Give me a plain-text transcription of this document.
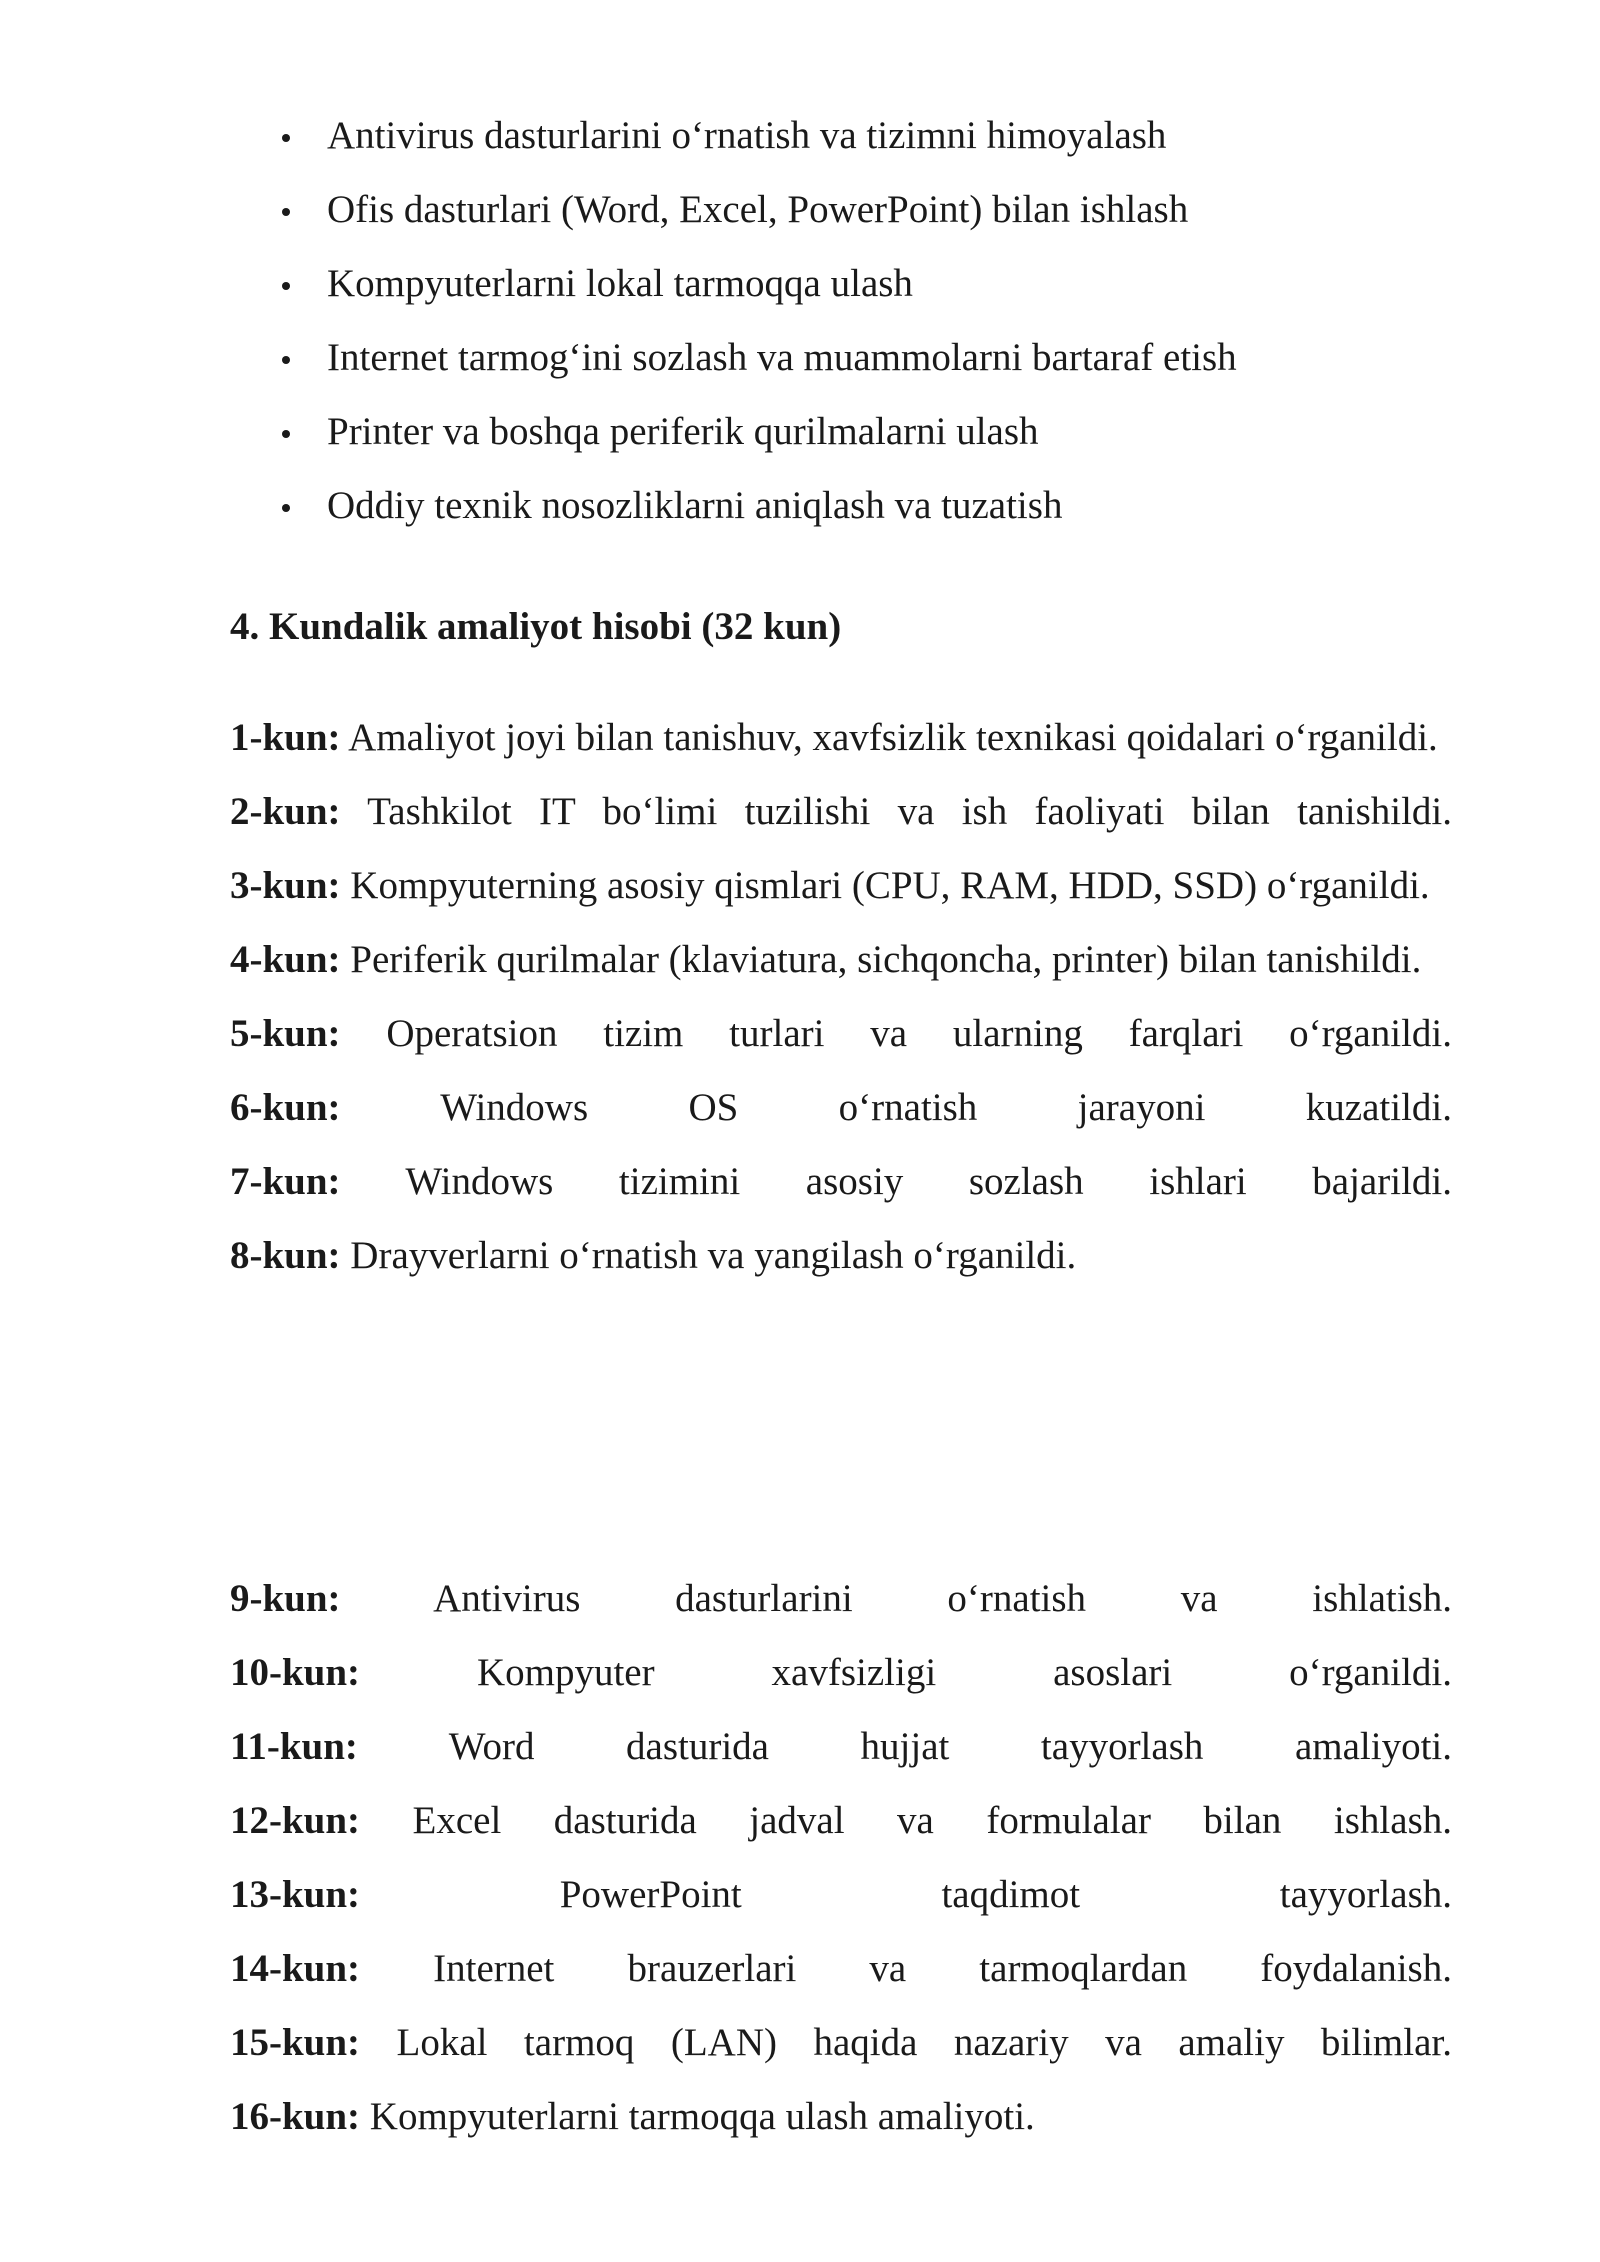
Antivirus dasturlarini o‘rnatish va tizimni himoyalash
Ofis dasturlari (Word, Excel, PowerPoint) bilan ishlash
Kompyuterlarni lokal tarmoqqa ulash
Internet tarmog‘ini sozlash va muammolarni bartaraf etish
Printer va boshqa periferik qurilmalarni ulash
Oddiy texnik nosozliklarni aniqlash va tuzatish
4. Kundalik amaliyot hisobi (32 kun)

1-kun: Amaliyot joyi bilan tanishuv, xavfsizlik texnikasi qoidalari o‘rganildi.

2-kun: Tashkilot IT bo‘limi tuzilishi va ish faoliyati bilan tanishildi.

3-kun: Kompyuterning asosiy qismlari (CPU, RAM, HDD, SSD) o‘rganildi.

4-kun: Periferik qurilmalar (klaviatura, sichqoncha, printer) bilan tanishildi.

5-kun: Operatsion tizim turlari va ularning farqlari o‘rganildi.

6-kun: Windows OS o‘rnatish jarayoni kuzatildi.

7-kun: Windows tizimini asosiy sozlash ishlari bajarildi.

8-kun: Drayverlarni o‘rnatish va yangilash o‘rganildi.

9-kun: Antivirus dasturlarini o‘rnatish va ishlatish.

10-kun: Kompyuter xavfsizligi asoslari o‘rganildi.

11-kun: Word dasturida hujjat tayyorlash amaliyoti.

12-kun: Excel dasturida jadval va formulalar bilan ishlash.

13-kun: PowerPoint taqdimot tayyorlash.

14-kun: Internet brauzerlari va tarmoqlardan foydalanish.

15-kun: Lokal tarmoq (LAN) haqida nazariy va amaliy bilimlar.

16-kun: Kompyuterlarni tarmoqqa ulash amaliyoti.
